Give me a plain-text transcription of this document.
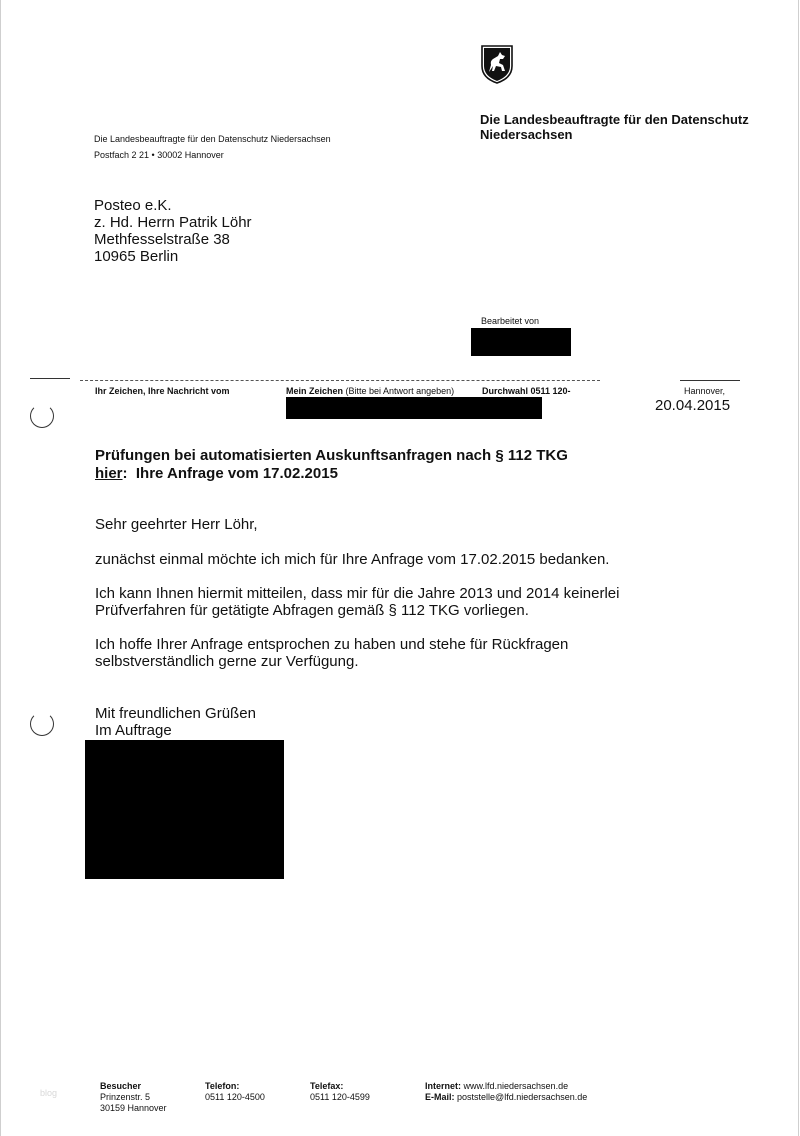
Die Landesbeauftragte für den Datenschutz
Niedersachsen
Die Landesbeauftragte für den Datenschutz Niedersachsen
Postfach 2 21 • 30002 Hannover
Posteo e.K.
z. Hd. Herrn Patrik Löhr
Methfesselstraße 38
10965 Berlin
Bearbeitet von
Ihr Zeichen, Ihre Nachricht vom	Mein Zeichen (Bitte bei Antwort angeben)	Durchwahl 0511 120-	Hannover,
20.04.2015
Prüfungen bei automatisierten Auskunftsanfragen nach § 112 TKG
hier:  Ihre Anfrage vom 17.02.2015
Sehr geehrter Herr Löhr,
zunächst einmal möchte ich mich für Ihre Anfrage vom 17.02.2015 bedanken.
Ich kann Ihnen hiermit mitteilen, dass mir für die Jahre 2013 und 2014 keinerlei Prüfverfahren für getätigte Abfragen gemäß § 112 TKG vorliegen.
Ich hoffe Ihrer Anfrage entsprochen zu haben und stehe für Rückfragen selbstverständlich gerne zur Verfügung.
Mit freundlichen Grüßen
Im Auftrage
blog
Besucher
Prinzenstr. 5
30159 Hannover
Telefon:
0511 120-4500
Telefax:
0511 120-4599
Internet: www.lfd.niedersachsen.de
E-Mail: poststelle@lfd.niedersachsen.de
